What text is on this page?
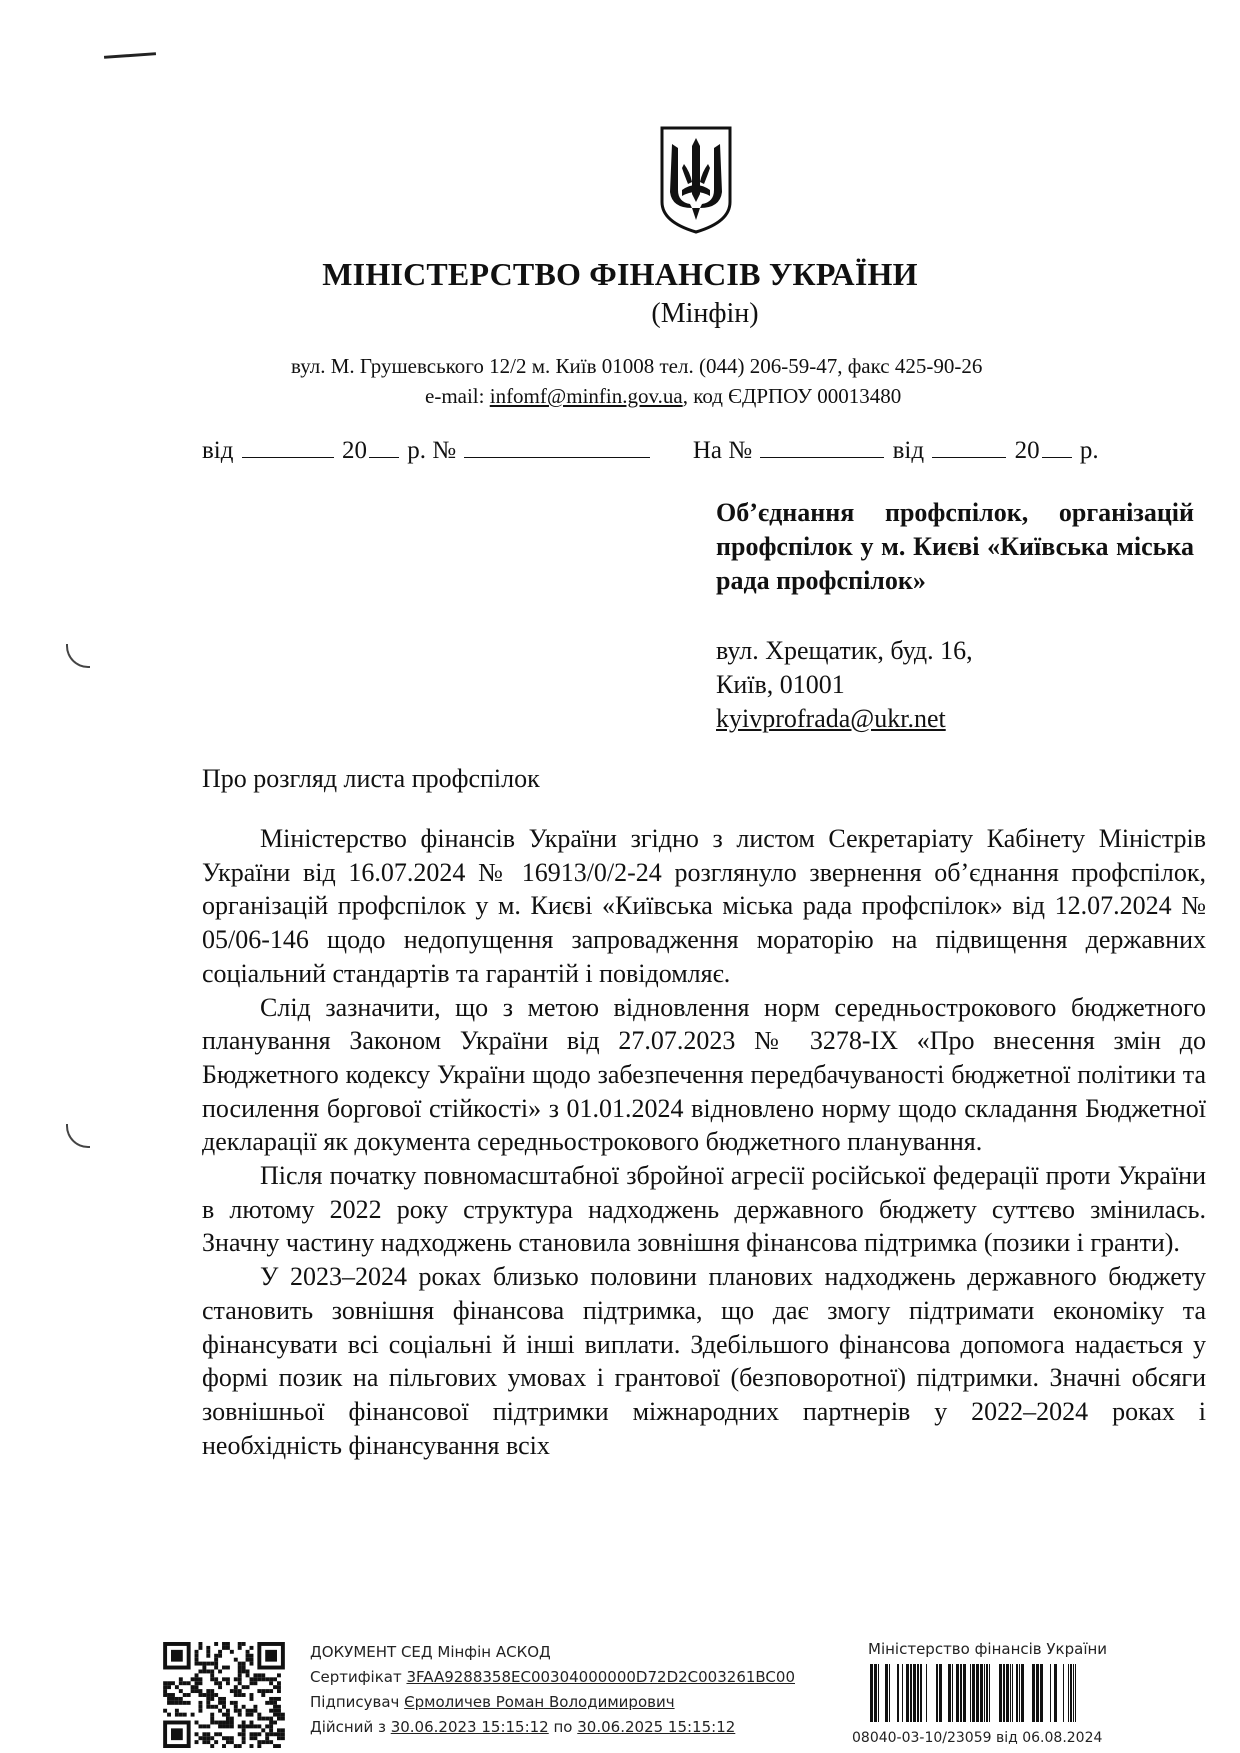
МІНІСТЕРСТВО ФІНАНСІВ УКРАЇНИ
(Мінфін)
вул. М. Грушевського 12/2 м. Київ 01008 тел. (044) 206-59-47, факс 425-90-26
e-mail: infomf@minfin.gov.ua, код ЄДРПОУ 00013480
від	20 р. №	На №	від	20 р.
Об’єднання профспілок, організацій профспілок у м. Києві «Київська міська рада профспілок»
вул. Хрещатик, буд. 16,
Київ, 01001
kyivprofrada@ukr.net
Про розгляд листа профспілок

Міністерство фінансів України згідно з листом Секретаріату Кабінету Міністрів України від 16.07.2024 № 16913/0/2-24 розглянуло звернення об’єднання профспілок, організацій профспілок у м. Києві «Київська міська рада профспілок» від 12.07.2024 № 05/06-146 щодо недопущення запровадження мораторію на підвищення державних соціальний стандартів та гарантій і повідомляє.

Слід зазначити, що з метою відновлення норм середньострокового бюджетного планування Законом України від 27.07.2023 № 3278-IX «Про внесення змін до Бюджетного кодексу України щодо забезпечення передбачуваності бюджетної політики та посилення боргової стійкості» з 01.01.2024 відновлено норму щодо складання Бюджетної декларації як документа середньострокового бюджетного планування.

Після початку повномасштабної збройної агресії російської федерації проти України в лютому 2022 року структура надходжень державного бюджету суттєво змінилась. Значну частину надходжень становила зовнішня фінансова підтримка (позики і гранти).

У 2023–2024 роках близько половини планових надходжень державного бюджету становить зовнішня фінансова підтримка, що дає змогу підтримати економіку та фінансувати всі соціальні й інші виплати. Здебільшого фінансова допомога надається у формі позик на пільгових умовах і грантової (безповоротної) підтримки. Значні обсяги зовнішньої фінансової підтримки міжнародних партнерів у 2022–2024 роках і необхідність фінансування всіх

ДОКУМЕНТ СЕД Мінфін АСКОД
Сертифікат 3FAA9288358EC00304000000D72D2C003261BC00
Підписувач Єрмоличев Роман Володимирович
Дійсний з 30.06.2023 15:15:12 по 30.06.2025 15:15:12
Міністерство фінансів України
08040-03-10/23059 від 06.08.2024
